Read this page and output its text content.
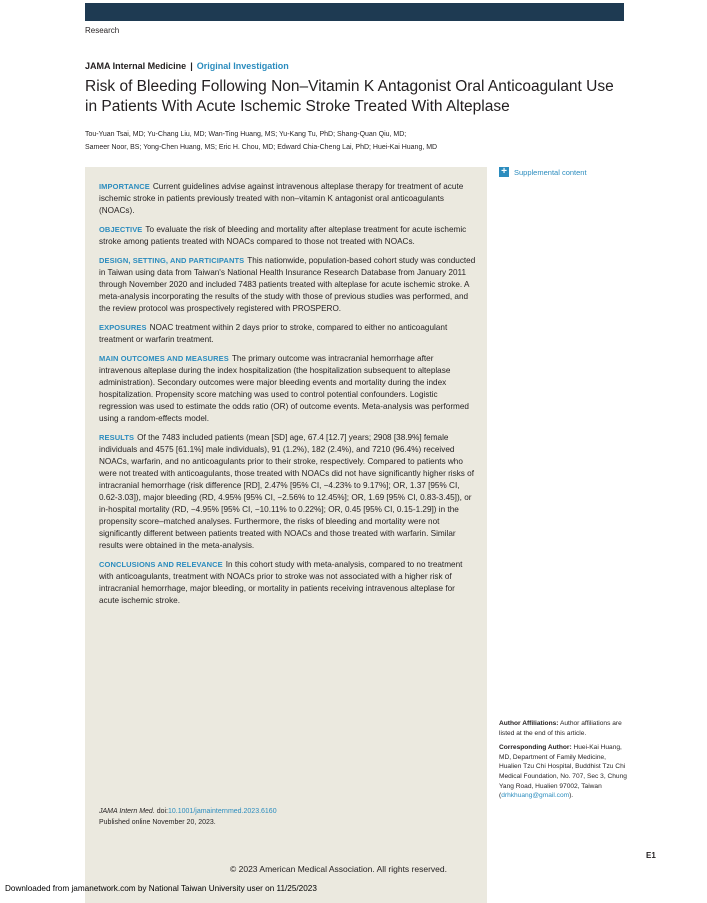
Research
JAMA Internal Medicine | Original Investigation
Risk of Bleeding Following Non–Vitamin K Antagonist Oral Anticoagulant Use in Patients With Acute Ischemic Stroke Treated With Alteplase
Tou-Yuan Tsai, MD; Yu-Chang Liu, MD; Wan-Ting Huang, MS; Yu-Kang Tu, PhD; Shang-Quan Qiu, MD;
Sameer Noor, BS; Yong-Chen Huang, MS; Eric H. Chou, MD; Edward Chia-Cheng Lai, PhD; Huei-Kai Huang, MD

IMPORTANCE Current guidelines advise against intravenous alteplase therapy for treatment of acute ischemic stroke in patients previously treated with non–vitamin K antagonist oral anticoagulants (NOACs).

OBJECTIVE To evaluate the risk of bleeding and mortality after alteplase treatment for acute ischemic stroke among patients treated with NOACs compared to those not treated with NOACs.

DESIGN, SETTING, AND PARTICIPANTS This nationwide, population-based cohort study was conducted in Taiwan using data from Taiwan's National Health Insurance Research Database from January 2011 through November 2020 and included 7483 patients treated with alteplase for acute ischemic stroke. A meta-analysis incorporating the results of the study with those of previous studies was performed, and the review protocol was prospectively registered with PROSPERO.

EXPOSURES NOAC treatment within 2 days prior to stroke, compared to either no anticoagulant treatment or warfarin treatment.

MAIN OUTCOMES AND MEASURES The primary outcome was intracranial hemorrhage after intravenous alteplase during the index hospitalization (the hospitalization subsequent to alteplase administration). Secondary outcomes were major bleeding events and mortality during the index hospitalization. Propensity score matching was used to control potential confounders. Logistic regression was used to estimate the odds ratio (OR) of outcome events. Meta-analysis was performed using a random-effects model.

RESULTS Of the 7483 included patients (mean [SD] age, 67.4 [12.7] years; 2908 [38.9%] female individuals and 4575 [61.1%] male individuals), 91 (1.2%), 182 (2.4%), and 7210 (96.4%) received NOACs, warfarin, and no anticoagulants prior to their stroke, respectively. Compared to patients who were not treated with anticoagulants, those treated with NOACs did not have significantly higher risks of intracranial hemorrhage (risk difference [RD], 2.47% [95% CI, −4.23% to 9.17%]; OR, 1.37 [95% CI, 0.62-3.03]), major bleeding (RD, 4.95% [95% CI, −2.56% to 12.45%]; OR, 1.69 [95% CI, 0.83-3.45]), or in-hospital mortality (RD, −4.95% [95% CI, −10.11% to 0.22%]; OR, 0.45 [95% CI, 0.15-1.29]) in the propensity score–matched analyses. Furthermore, the risks of bleeding and mortality were not significantly different between patients treated with NOACs and those treated with warfarin. Similar results were obtained in the meta-analysis.

CONCLUSIONS AND RELEVANCE In this cohort study with meta-analysis, compared to no treatment with anticoagulants, treatment with NOACs prior to stroke was not associated with a higher risk of intracranial hemorrhage, major bleeding, or mortality in patients receiving intravenous alteplase for acute ischemic stroke.

JAMA Intern Med. doi:10.1001/jamainternmed.2023.6160
Published online November 20, 2023.
© 2023 American Medical Association. All rights reserved.
+ Supplemental content

Author Affiliations: Author affiliations are listed at the end of this article.

Corresponding Author: Huei-Kai Huang, MD, Department of Family Medicine, Hualien Tzu Chi Hospital, Buddhist Tzu Chi Medical Foundation, No. 707, Sec 3, Chung Yang Road, Hualien 97002, Taiwan (drhkhuang@gmail.com).

E1
Downloaded from jamanetwork.com by National Taiwan University user on 11/25/2023
